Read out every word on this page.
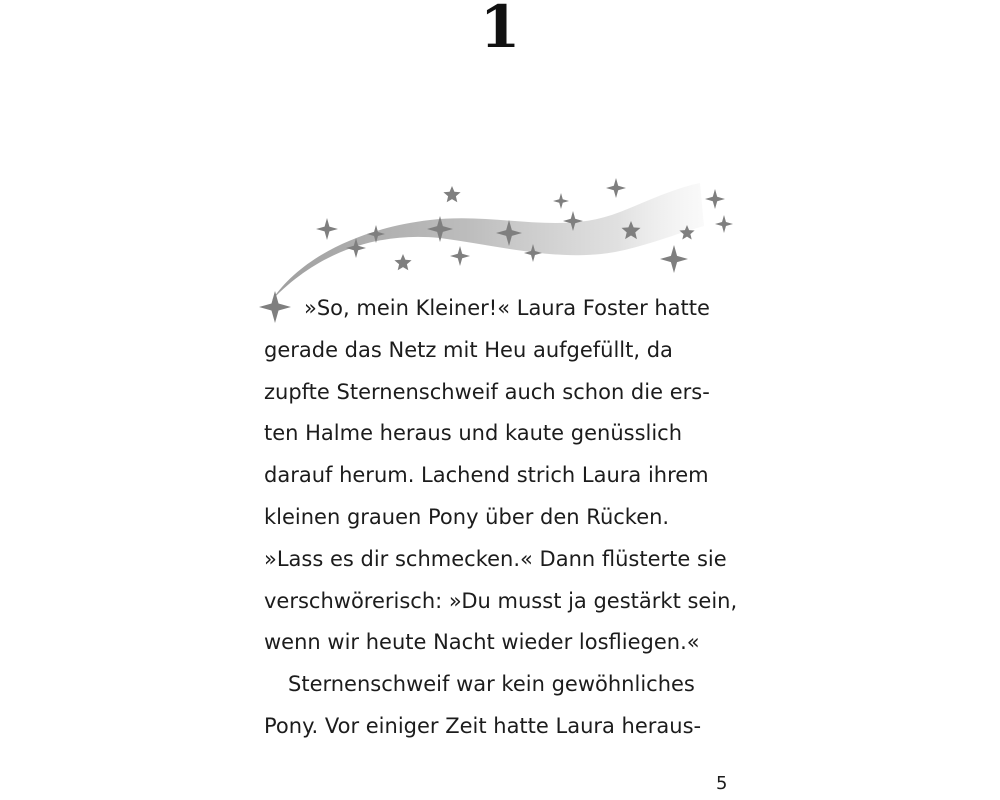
1
»So, mein Kleiner!« Laura Foster hatte
gerade das Netz mit Heu aufgefüllt, da
zupfte Sternenschweif auch schon die ers-
ten Halme heraus und kaute genüsslich
darauf herum. Lachend strich Laura ihrem
kleinen grauen Pony über den Rücken.
»Lass es dir schmecken.« Dann flüsterte sie
verschwörerisch: »Du musst ja gestärkt sein,
wenn wir heute Nacht wieder losfliegen.«
Sternenschweif war kein gewöhnliches
Pony. Vor einiger Zeit hatte Laura heraus-
5
